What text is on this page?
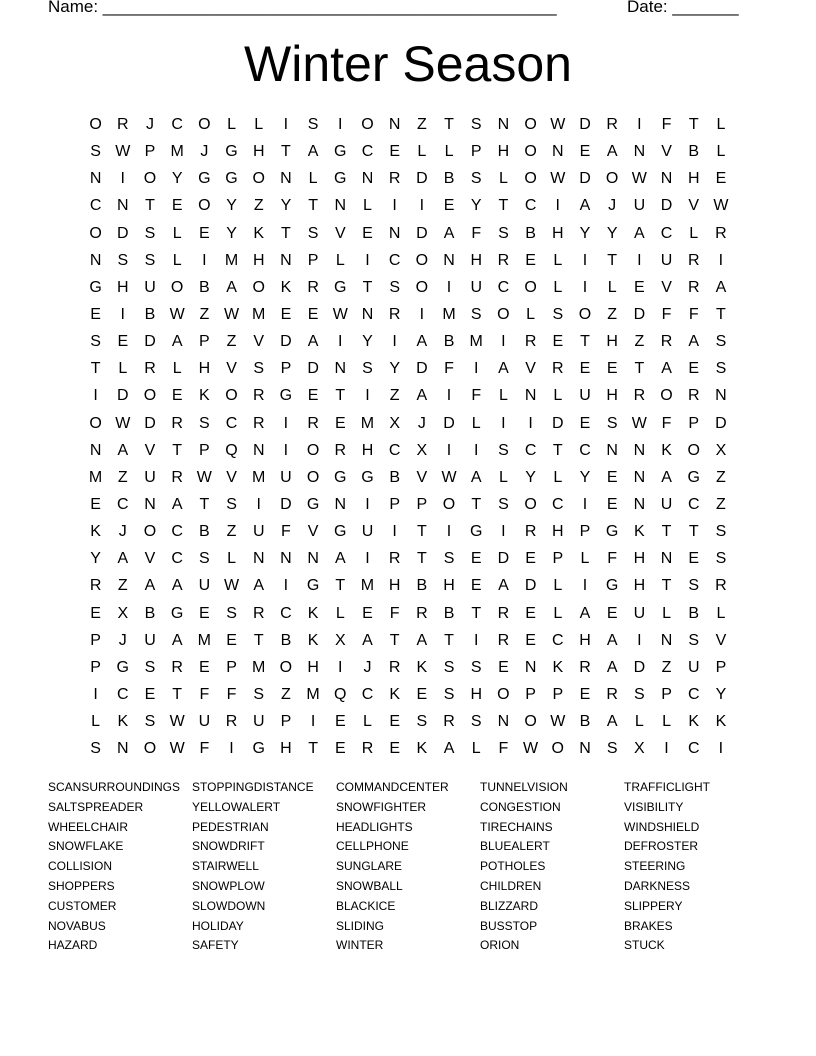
Name: ________________________________________________	Date: _______
Winter Season
O R	J	C O	L	L	I	S	I	O N	Z	T	S	N O W D R	I	F	T	L
S W P M	J	G H	T	A G C	E	L	L	P	H O N	E	A	N	V	B	L
N	I	O Y G G O N	L	G N R D	B	S	L	O W D O W N H	E
C N	T	E O Y	Z	Y	T	N	L	I	I	E	Y	T	C	I	A	J	U D	V W
O D	S	L	E	Y	K	T	S	V	E	N D	A	F	S	B	H	Y	Y	A	C	L	R
N	S	S	L	I	M H N	P	L	I	C O N H R	E	L	I	T	I	U R	I
G H U O B	A O K	R G	T	S O	I	U C O	L	I	L	E	V	R	A
E	I	B W Z W M E	E W N R	I	M S O	L	S O	Z	D	F	F	T
S	E	D	A	P	Z	V	D	A	I	Y	I	A	B M	I	R	E	T	H	Z	R	A	S
T	L	R	L	H	V	S	P	D N	S	Y	D	F	I	A	V	R	E	E	T	A	E	S
I	D O E	K O R G E	T	I	Z	A	I	F	L	N	L	U H R O R N
O W D R	S	C R	I	R	E M X	J	D	L	I	I	D	E	S W F	P	D
N	A	V	T	P Q N	I	O R H C	X	I	I	S	C	T	C N N	K O X
M Z	U R W V M U O G G B	V W A	L	Y	L	Y	E	N	A G	Z
E	C N	A	T	S	I	D G N	I	P	P O	T	S O C	I	E	N U C	Z
K	J	O C	B	Z	U	F	V G U	I	T	I	G	I	R H	P G K	T	T	S
Y	A	V	C	S	L	N N N	A	I	R	T	S	E	D	E	P	L	F	H N	E	S
R	Z	A	A	U W A	I	G	T M H	B	H	E	A	D	L	I	G H	T	S	R
E	X	B G E	S	R C	K	L	E	F	R	B	T	R	E	L	A	E	U	L	B	L
P	J	U	A M E	T	B	K	X	A	T	A	T	I	R	E	C H	A	I	N	S	V
P G S	R	E	P M O H	I	J	R	K	S	S	E	N	K	R	A	D	Z	U	P
I	C	E	T	F	F	S	Z M Q C	K	E	S	H O P	P	E	R	S	P	C	Y
L	K	S W U R U	P	I	E	L	E	S	R	S	N O W B	A	L	L	K	K
S	N O W F	I	G H	T	E	R	E	K	A	L	F W O N	S	X	I	C	I
SCANSURROUNDINGS
SALTSPREADER
WHEELCHAIR
SNOWFLAKE
COLLISION
SHOPPERS
CUSTOMER
NOVABUS
HAZARD
STOPPINGDISTANCE
YELLOWALERT
PEDESTRIAN
SNOWDRIFT
STAIRWELL
SNOWPLOW
SLOWDOWN
HOLIDAY
SAFETY
COMMANDCENTER
SNOWFIGHTER
HEADLIGHTS
CELLPHONE
SUNGLARE
SNOWBALL
BLACKICE
SLIDING
WINTER
TUNNELVISION
CONGESTION
TIRECHAINS
BLUEALERT
POTHOLES
CHILDREN
BLIZZARD
BUSSTOP
ORION
TRAFFICLIGHT
VISIBILITY
WINDSHIELD
DEFROSTER
STEERING
DARKNESS
SLIPPERY
BRAKES
STUCK
